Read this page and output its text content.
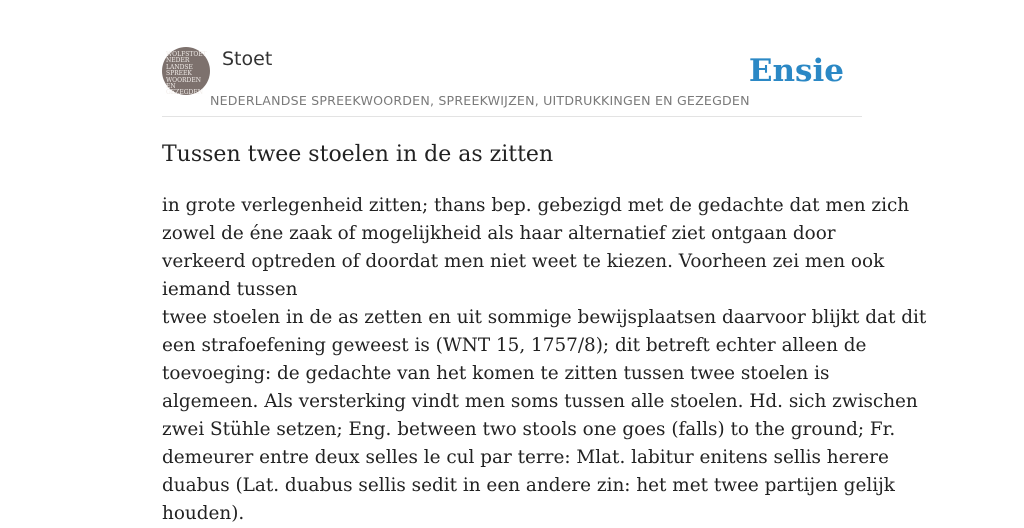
WOLFSTOET
NEDER
LANDSE
SPREEK
WOORDEN EN
GEZEGDEN
Stoet
NEDERLANDSE SPREEKWOORDEN, SPREEKWIJZEN, UITDRUKKINGEN EN GEZEGDEN
Ensie
Tussen twee stoelen in de as zitten
in grote verlegenheid zitten; thans bep. gebezigd met de gedachte dat men zich
zowel de éne zaak of mogelijkheid als haar alternatief ziet ontgaan door
verkeerd optreden of doordat men niet weet te kiezen. Voorheen zei men ook
iemand tussen
twee stoelen in de as zetten en uit sommige bewijsplaatsen daarvoor blijkt dat dit
een strafoefening geweest is (WNT 15, 1757/8); dit betreft echter alleen de
toevoeging: de gedachte van het komen te zitten tussen twee stoelen is
algemeen. Als versterking vindt men soms tussen alle stoelen. Hd. sich zwischen
zwei Stühle setzen; Eng. between two stools one goes (falls) to the ground; Fr.
demeurer entre deux selles le cul par terre: Mlat. labitur enitens sellis herere
duabus (Lat. duabus sellis sedit in een andere zin: het met twee partijen gelijk
houden).
